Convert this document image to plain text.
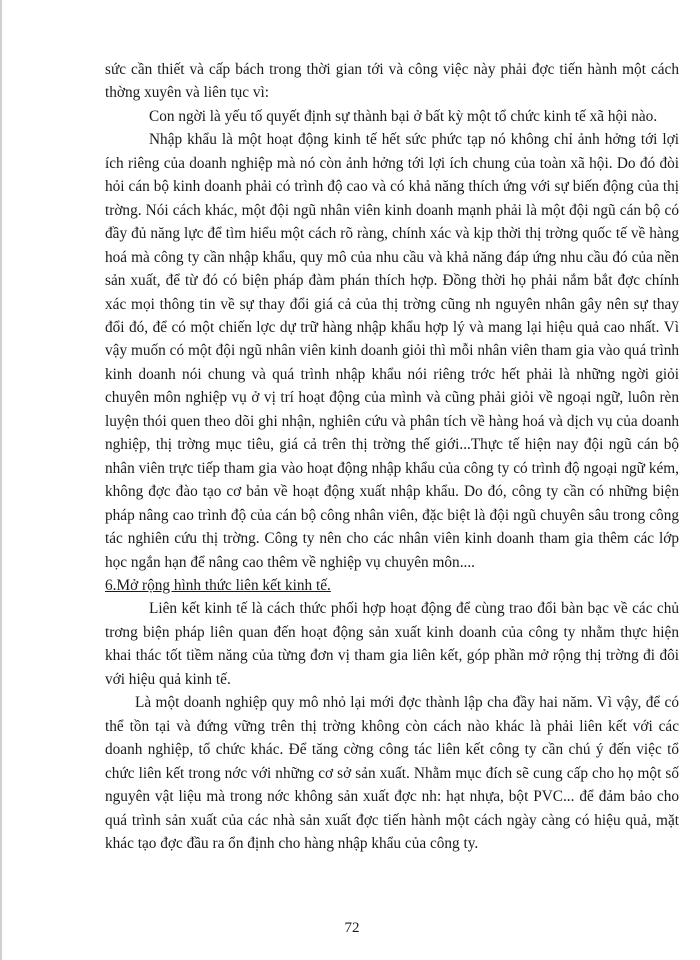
sức cần thiết và cấp bách trong thời gian tới và công việc này phải đợc tiến hành một cách thờng xuyên và liên tục vì:

Con ngời là yếu tố quyết định sự thành bại ở bất kỳ một tổ chức kinh tế xã hội nào.

Nhập khẩu là một hoạt động kinh tế hết sức phức tạp nó không chỉ ảnh hởng tới lợi ích riêng của doanh nghiệp mà nó còn ảnh hởng tới lợi ích chung của toàn xã hội. Do đó đòi hỏi cán bộ kinh doanh phải có trình độ cao và có khả năng thích ứng với sự biến động của thị trờng. Nói cách khác, một đội ngũ nhân viên kinh doanh mạnh phải là một đội ngũ cán bộ có đầy đủ năng lực để tìm hiểu một cách rõ ràng, chính xác và kịp thời thị trờng quốc tế về hàng hoá mà công ty cần nhập khẩu, quy mô của nhu cầu và khả năng đáp ứng nhu cầu đó của nền sản xuất, để từ đó có biện pháp đàm phán thích hợp. Đồng thời họ phải nắm bắt đợc chính xác mọi thông tin về sự thay đổi giá cả của thị trờng cũng nh nguyên nhân gây nên sự thay đổi đó, để có một chiến lợc dự trữ hàng nhập khẩu hợp lý và mang lại hiệu quả cao nhất. Vì vậy muốn có một đội ngũ nhân viên kinh doanh giỏi thì mỗi nhân viên tham gia vào quá trình kinh doanh nói chung và quá trình nhập khẩu nói riêng trớc hết phải là những ngời giỏi chuyên môn nghiệp vụ ở vị trí hoạt động của mình và cũng phải giỏi về ngoại ngữ, luôn rèn luyện thói quen theo dõi ghi nhận, nghiên cứu và phân tích về hàng hoá và dịch vụ của doanh nghiệp, thị trờng mục tiêu, giá cả trên thị trờng thế giới...Thực tế hiện nay đội ngũ cán bộ nhân viên trực tiếp tham gia vào hoạt động nhập khẩu của công ty có trình độ ngoại ngữ kém, không đợc đào tạo cơ bản về hoạt động xuất nhập khẩu. Do đó, công ty cần có những biện pháp nâng cao trình độ của cán bộ công nhân viên, đặc biệt là đội ngũ chuyên sâu trong công tác nghiên cứu thị trờng. Công ty nên cho các nhân viên kinh doanh tham gia thêm các lớp học ngắn hạn để nâng cao thêm về nghiệp vụ chuyên môn....

6.Mở rộng hình thức liên kết kinh tế.

Liên kết kinh tế là cách thức phối hợp hoạt động để cùng trao đổi bàn bạc về các chủ trơng biện pháp liên quan đến hoạt động sản xuất kinh doanh của công ty nhằm thực hiện khai thác tốt tiềm năng của từng đơn vị tham gia liên kết, góp phần mở rộng thị trờng đi đôi với hiệu quả kinh tế.

Là một doanh nghiệp quy mô nhỏ lại mới đợc thành lập cha đầy hai năm. Vì vậy, để có thể tồn tại và đứng vững trên thị trờng không còn cách nào khác là phải liên kết với các doanh nghiệp, tổ chức khác. Để tăng cờng công tác liên kết công ty cần chú ý đến việc tổ chức liên kết trong nớc với những cơ sở sản xuất. Nhằm mục đích sẽ cung cấp cho họ một số nguyên vật liệu mà trong nớc không sản xuất đợc nh: hạt nhựa, bột PVC... để đảm bảo cho quá trình sản xuất của các nhà sản xuất đợc tiến hành một cách ngày càng có hiệu quả, mặt khác tạo đợc đầu ra ổn định cho hàng nhập khẩu của công ty.

72
